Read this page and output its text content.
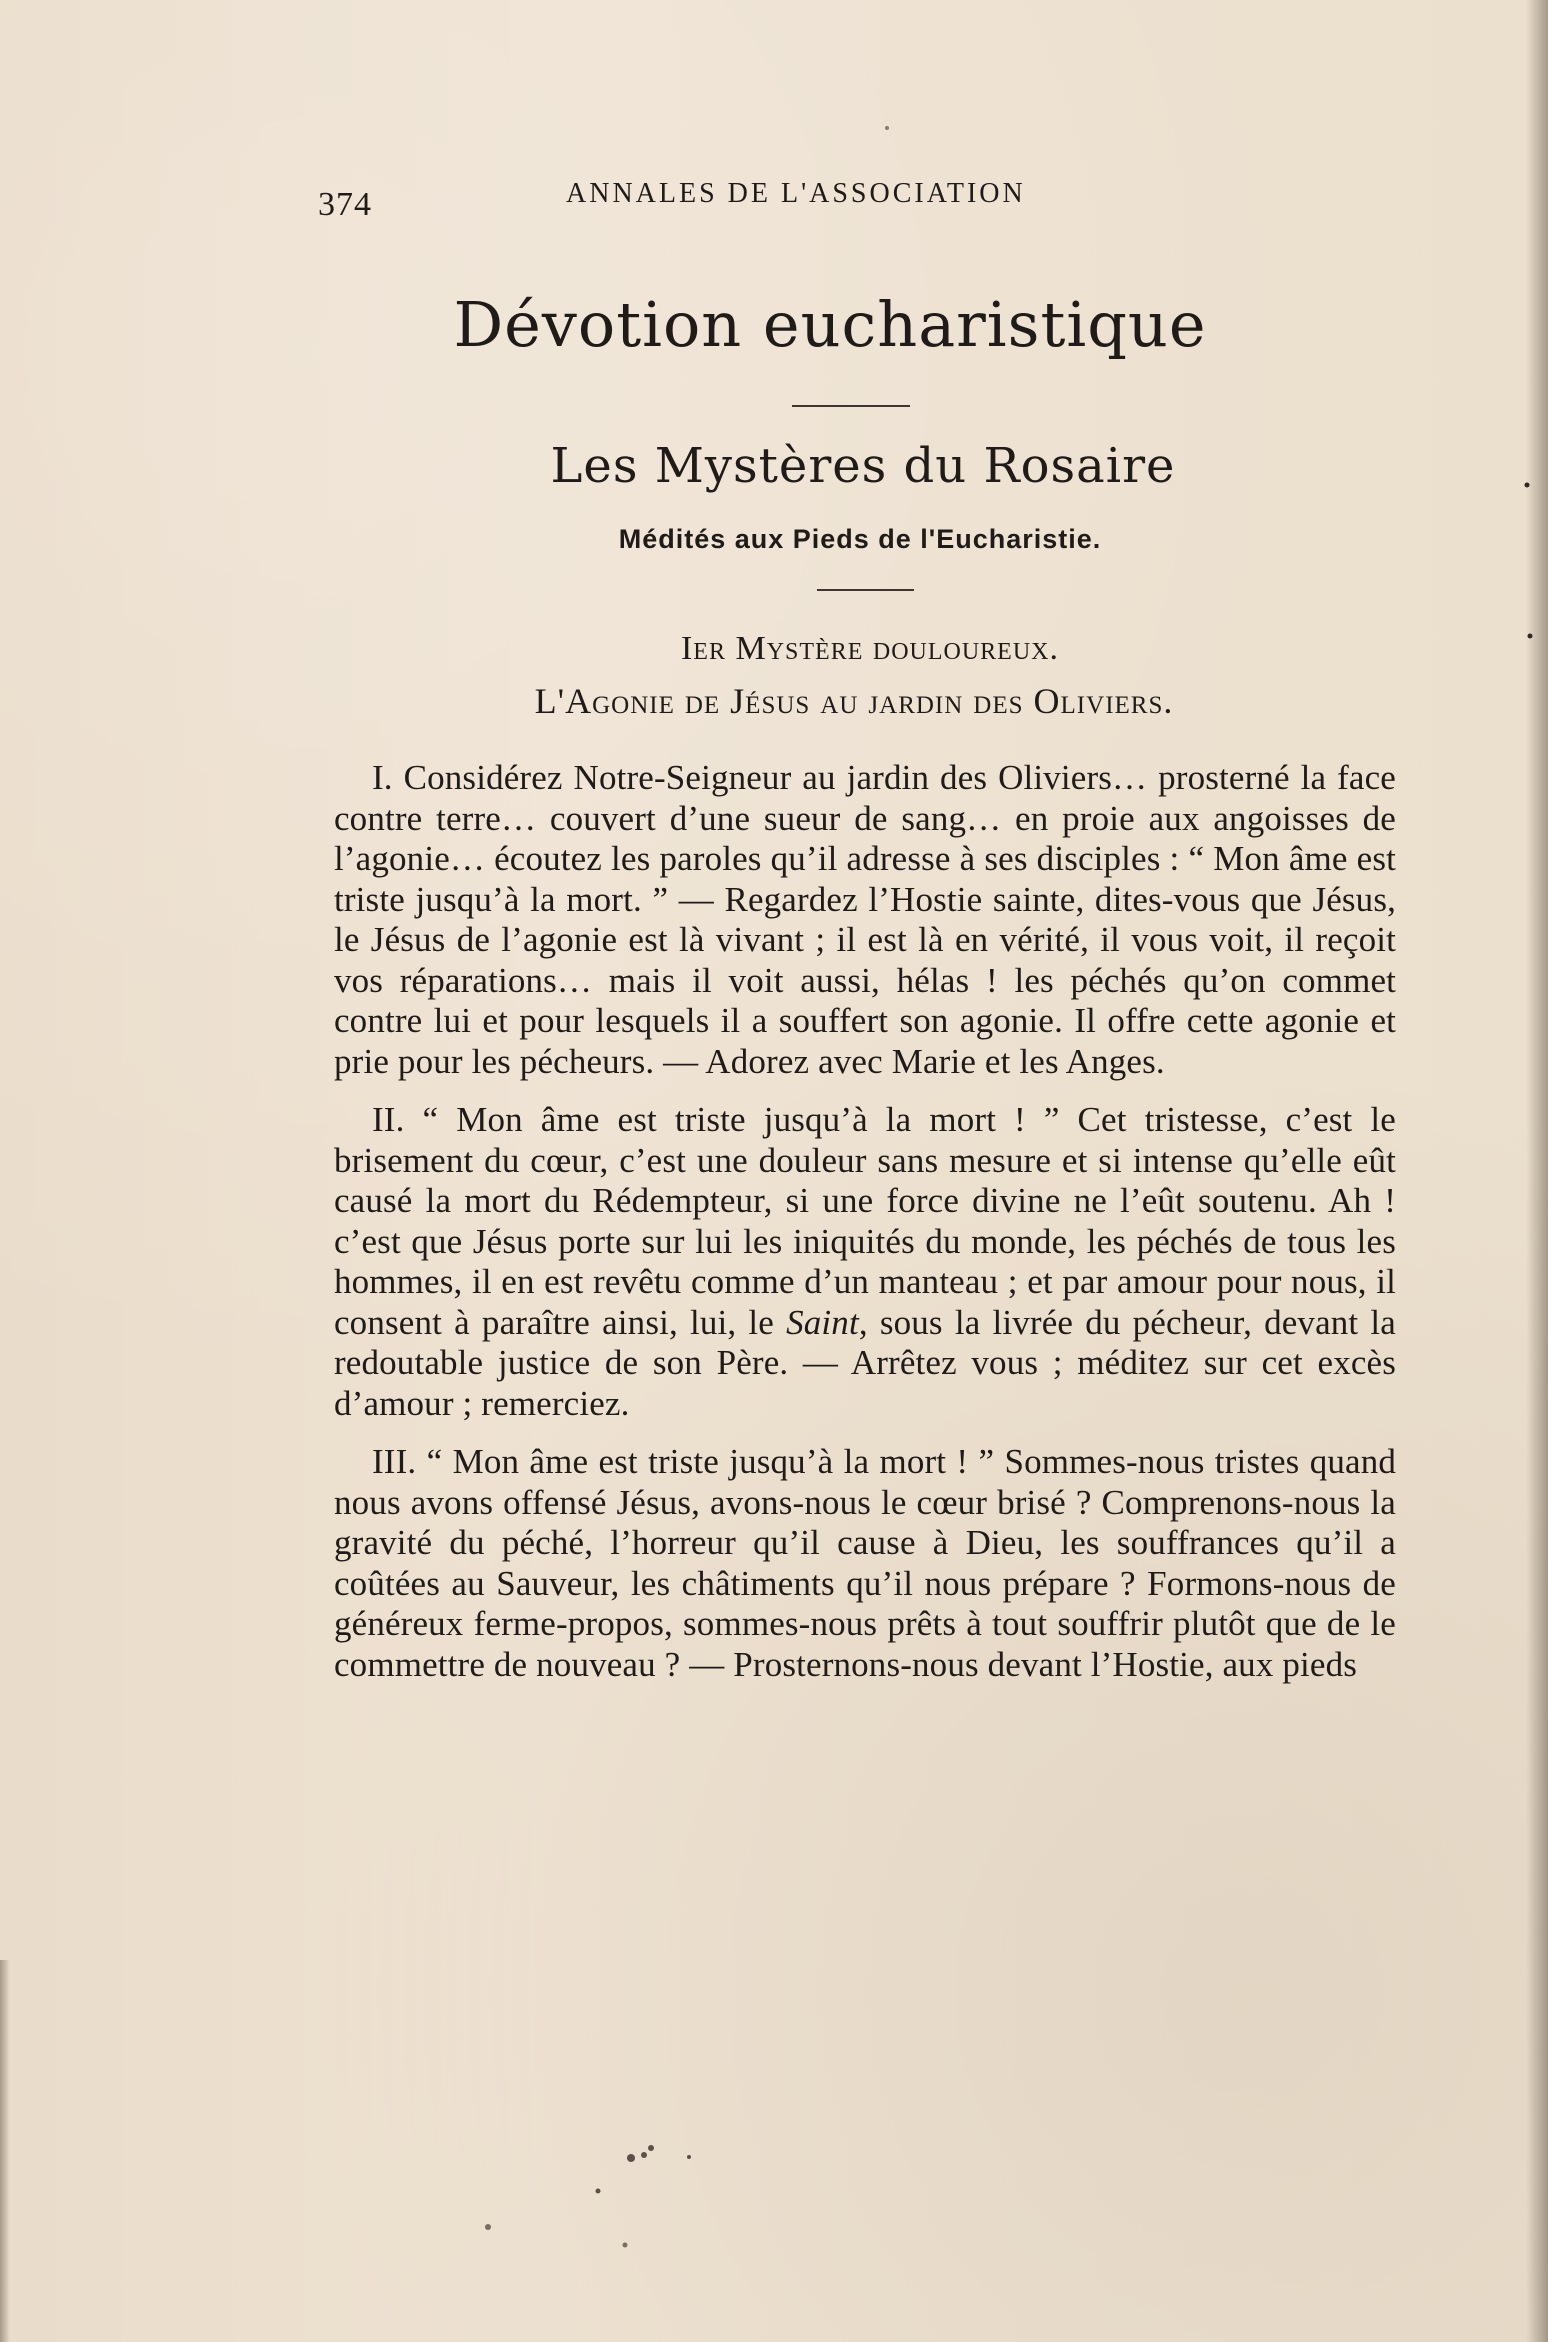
374	ANNALES DE L'ASSOCIATION
Dévotion eucharistique
Les Mystères du Rosaire
Médités aux Pieds de l'Eucharistie.
Ier Mystère douloureux.
L'Agonie de Jésus au jardin des Oliviers.

I. Considérez Notre-Seigneur au jardin des Oliviers… prosterné la face contre terre… couvert d’une sueur de sang… en proie aux angoisses de l’agonie… écoutez les paroles qu’il adresse à ses disciples : “ Mon âme est triste jusqu’à la mort. ” — Regardez l’Hostie sainte, dites-vous que Jésus, le Jésus de l’agonie est là vivant ; il est là en vérité, il vous voit, il reçoit vos réparations… mais il voit aussi, hélas ! les péchés qu’on commet contre lui et pour lesquels il a souffert son agonie. Il offre cette agonie et prie pour les pécheurs. — Adorez avec Marie et les Anges.

II. “ Mon âme est triste jusqu’à la mort ! ” Cet tristesse, c’est le brisement du cœur, c’est une douleur sans mesure et si intense qu’elle eût causé la mort du Rédempteur, si une force divine ne l’eût soutenu. Ah ! c’est que Jésus porte sur lui les iniquités du monde, les péchés de tous les hommes, il en est revêtu comme d’un manteau ; et par amour pour nous, il consent à paraître ainsi, lui, le Saint, sous la livrée du pécheur, devant la redoutable justice de son Père. — Arrêtez vous ; méditez sur cet excès d’amour ; remerciez.

III. “ Mon âme est triste jusqu’à la mort ! ” Sommes-nous tristes quand nous avons offensé Jésus, avons-nous le cœur brisé ? Comprenons-nous la gravité du péché, l’horreur qu’il cause à Dieu, les souffrances qu’il a coûtées au Sauveur, les châtiments qu’il nous prépare ? Formons-nous de généreux ferme-propos, sommes-nous prêts à tout souffrir plutôt que de le commettre de nouveau ? — Prosternons-nous devant l’Hostie, aux pieds
